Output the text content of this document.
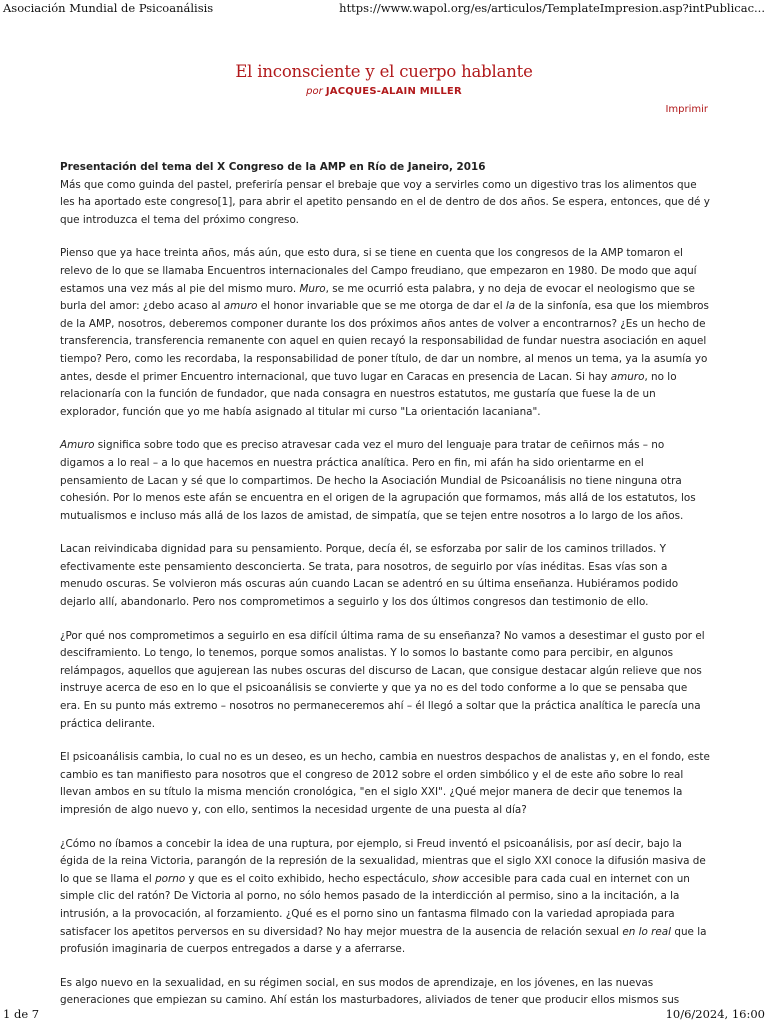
Asociación Mundial de Psicoanálisis	https://www.wapol.org/es/articulos/TemplateImpresion.asp?intPublicac...
El inconsciente y el cuerpo hablante
por JACQUES-ALAIN MILLER
Imprimir
Presentación del tema del X Congreso de la AMP en Río de Janeiro, 2016

Más que como guinda del pastel, preferiría pensar el brebaje que voy a servirles como un digestivo tras los alimentos que les ha aportado este congreso[1], para abrir el apetito pensando en el de dentro de dos años. Se espera, entonces, que dé y que introduzca el tema del próximo congreso.

Pienso que ya hace treinta años, más aún, que esto dura, si se tiene en cuenta que los congresos de la AMP tomaron el relevo de lo que se llamaba Encuentros internacionales del Campo freudiano, que empezaron en 1980. De modo que aquí estamos una vez más al pie del mismo muro. Muro, se me ocurrió esta palabra, y no deja de evocar el neologismo que se burla del amor: ¿debo acaso al amuro el honor invariable que se me otorga de dar el la de la sinfonía, esa que los miembros de la AMP, nosotros, deberemos componer durante los dos próximos años antes de volver a encontrarnos? ¿Es un hecho de transferencia, transferencia remanente con aquel en quien recayó la responsabilidad de fundar nuestra asociación en aquel tiempo? Pero, como les recordaba, la responsabilidad de poner título, de dar un nombre, al menos un tema, ya la asumía yo antes, desde el primer Encuentro internacional, que tuvo lugar en Caracas en presencia de Lacan. Si hay amuro, no lo relacionaría con la función de fundador, que nada consagra en nuestros estatutos, me gustaría que fuese la de un explorador, función que yo me había asignado al titular mi curso "La orientación lacaniana".

Amuro significa sobre todo que es preciso atravesar cada vez el muro del lenguaje para tratar de ceñirnos más – no digamos a lo real – a lo que hacemos en nuestra práctica analítica. Pero en fin, mi afán ha sido orientarme en el pensamiento de Lacan y sé que lo compartimos. De hecho la Asociación Mundial de Psicoanálisis no tiene ninguna otra cohesión. Por lo menos este afán se encuentra en el origen de la agrupación que formamos, más allá de los estatutos, los mutualismos e incluso más allá de los lazos de amistad, de simpatía, que se tejen entre nosotros a lo largo de los años.

Lacan reivindicaba dignidad para su pensamiento. Porque, decía él, se esforzaba por salir de los caminos trillados. Y efectivamente este pensamiento desconcierta. Se trata, para nosotros, de seguirlo por vías inéditas. Esas vías son a menudo oscuras. Se volvieron más oscuras aún cuando Lacan se adentró en su última enseñanza. Hubiéramos podido dejarlo allí, abandonarlo. Pero nos comprometimos a seguirlo y los dos últimos congresos dan testimonio de ello.

¿Por qué nos comprometimos a seguirlo en esa difícil última rama de su enseñanza? No vamos a desestimar el gusto por el desciframiento. Lo tengo, lo tenemos, porque somos analistas. Y lo somos lo bastante como para percibir, en algunos relámpagos, aquellos que agujerean las nubes oscuras del discurso de Lacan, que consigue destacar algún relieve que nos instruye acerca de eso en lo que el psicoanálisis se convierte y que ya no es del todo conforme a lo que se pensaba que era. En su punto más extremo – nosotros no permaneceremos ahí – él llegó a soltar que la práctica analítica le parecía una práctica delirante.

El psicoanálisis cambia, lo cual no es un deseo, es un hecho, cambia en nuestros despachos de analistas y, en el fondo, este cambio es tan manifiesto para nosotros que el congreso de 2012 sobre el orden simbólico y el de este año sobre lo real llevan ambos en su título la misma mención cronológica, "en el siglo XXI". ¿Qué mejor manera de decir que tenemos la impresión de algo nuevo y, con ello, sentimos la necesidad urgente de una puesta al día?

¿Cómo no íbamos a concebir la idea de una ruptura, por ejemplo, si Freud inventó el psicoanálisis, por así decir, bajo la égida de la reina Victoria, parangón de la represión de la sexualidad, mientras que el siglo XXI conoce la difusión masiva de lo que se llama el porno y que es el coito exhibido, hecho espectáculo, show accesible para cada cual en internet con un simple clic del ratón? De Victoria al porno, no sólo hemos pasado de la interdicción al permiso, sino a la incitación, a la intrusión, a la provocación, al forzamiento. ¿Qué es el porno sino un fantasma filmado con la variedad apropiada para satisfacer los apetitos perversos en su diversidad? No hay mejor muestra de la ausencia de relación sexual en lo real que la profusión imaginaria de cuerpos entregados a darse y a aferrarse.

Es algo nuevo en la sexualidad, en su régimen social, en sus modos de aprendizaje, en los jóvenes, en las nuevas generaciones que empiezan su camino. Ahí están los masturbadores, aliviados de tener que producir ellos mismos sus

1 de 7	10/6/2024, 16:00
